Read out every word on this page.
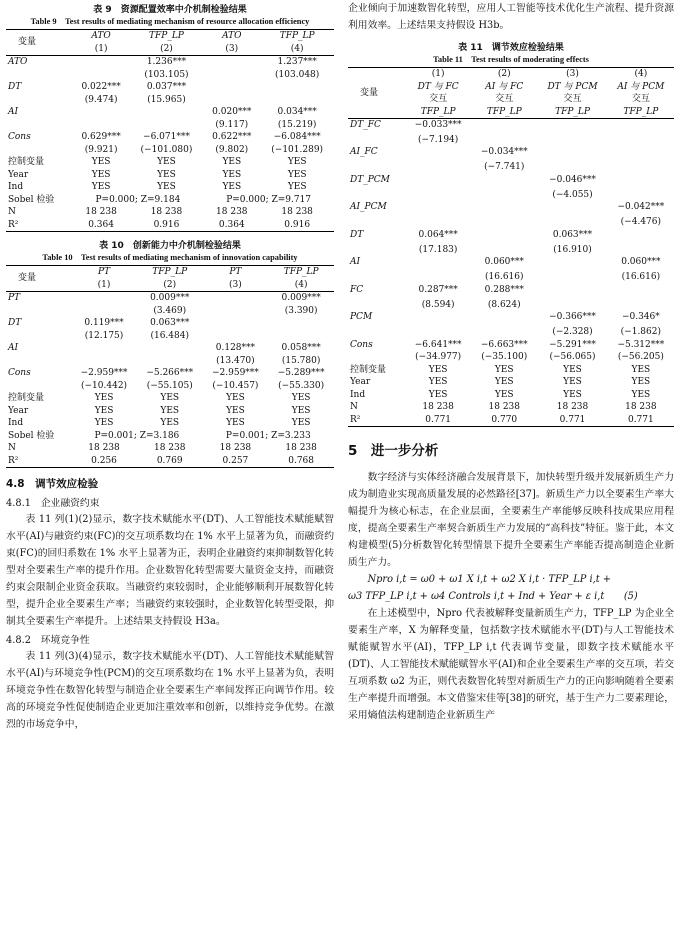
表 9　资源配置效率中介机制检验结果
Table 9　Test results of mediating mechanism of resource allocation efficiency
变量	ATO	TFP_LP	ATO	TFP_LP
	(1)	(2)	(3)	(4)
ATO		1.236***		1.237***
		(103.105)		(103.048)
DT	0.022***	0.037***		
	(9.474)	(15.965)		
AI			0.020***	0.034***
			(9.117)	(15.219)
Cons	0.629***	−6.071***	0.622***	−6.084***
	(9.921)	(−101.080)	(9.802)	(−101.289)
控制变量	YES	YES	YES	YES
Year	YES	YES	YES	YES
Ind	YES	YES	YES	YES
Sobel 检验	P=0.000; Z=9.184		P=0.000; Z=9.717	
N	18 238	18 238	18 238	18 238
R²	0.364	0.916	0.364	0.916
表 10　创新能力中介机制检验结果
Table 10　Test results of mediating mechanism of innovation capability
变量	PT	TFP_LP	PT	TFP_LP
	(1)	(2)	(3)	(4)
PT		0.009***		0.009***
		(3.469)		(3.390)
DT	0.119***	0.063***		
	(12.175)	(16.484)		
AI			0.128***	0.058***
			(13.470)	(15.780)
Cons	−2.959***	−5.266***	−2.959***	−5.289***
	(−10.442)	(−55.105)	(−10.457)	(−55.330)
控制变量	YES	YES	YES	YES
Year	YES	YES	YES	YES
Ind	YES	YES	YES	YES
Sobel 检验	P=0.001; Z=3.186		P=0.001; Z=3.233	
N	18 238	18 238	18 238	18 238
R²	0.256	0.769	0.257	0.768
4.8　调节效应检验
4.8.1　企业融资约束

表 11 列(1)(2)显示，数字技术赋能水平(DT)、人工智能技术赋能赋智水平(AI)与融资约束(FC)的交互项系数均在 1% 水平上显著为负，而融资约束(FC)的回归系数在 1% 水平上显著为正，表明企业融资约束抑制数智化转型对全要素生产率的提升作用。企业数智化转型需要大量资金支持，而融资约束会限制企业资金获取。当融资约束较弱时，企业能够顺利开展数智化转型，提升企业全要素生产率；当融资约束较强时，企业数智化转型受限，抑制其全要素生产率提升。上述结果支持假设 H3a。

4.8.2　环境竞争性

表 11 列(3)(4)显示，数字技术赋能水平(DT)、人工智能技术赋能赋智水平(AI)与环境竞争性(PCM)的交互项系数均在 1% 水平上显著为负，表明环境竞争性在数智化转型与制造企业全要素生产率间发挥正向调节作用。较高的环境竞争性促使制造企业更加注重效率和创新，以维持竞争优势。在激烈的市场竞争中，

企业倾向于加速数智化转型，应用人工智能等技术优化生产流程、提升资源利用效率。上述结果支持假设 H3b。

表 11　调节效应检验结果
Table 11　Test results of moderating effects
变量	(1)	(2)	(3)	(4)
	DT 与 FC	AI 与 FC	DT 与 PCM	AI 与 PCM
	交互	交互	交互	交互
	TFP_LP	TFP_LP	TFP_LP	TFP_LP
DT_FC	−0.033***			
	(−7.194)			
AI_FC		−0.034***		
		(−7.741)		
DT_PCM			−0.046***	
			(−4.055)	
AI_PCM				−0.042***
				(−4.476)
DT	0.064***		0.063***	
	(17.183)		(16.910)	
AI		0.060***		0.060***
		(16.616)		(16.616)
FC	0.287***	0.288***		
	(8.594)	(8.624)		
PCM			−0.366***	−0.346*
			(−2.328)	(−1.862)
Cons	−6.641***	−6.663***	−5.291***	−5.312***
	(−34.977)	(−35.100)	(−56.065)	(−56.205)
控制变量	YES	YES	YES	YES
Year	YES	YES	YES	YES
Ind	YES	YES	YES	YES
N	18 238	18 238	18 238	18 238
R²	0.771	0.770	0.771	0.771
5　进一步分析

数字经济与实体经济融合发展背景下，加快转型升级并发展新质生产力成为制造业实现高质量发展的必然路径[37]。新质生产力以全要素生产率大幅提升为核心标志，在企业层面，全要素生产率能够反映科技成果应用程度，提高全要素生产率契合新质生产力发展的“高科技”特征。鉴于此，本文构建模型(5)分析数智化转型情景下提升全要素生产率能否提高制造企业新质生产力。

Npro i,t = ω0 + ω1 X i,t + ω2 X i,t · TFP_LP i,t +

ω3 TFP_LP i,t + ω4 Controls i,t + Ind + Year + ε i,t　　(5)

在上述模型中，Npro 代表被解释变量新质生产力，TFP_LP 为企业全要素生产率，X 为解释变量，包括数字技术赋能水平(DT)与人工智能技术赋能赋智水平(AI)，TFP_LP i,t 代表调节变量，即数字技术赋能水平(DT)、人工智能技术赋能赋智水平(AI)和企业全要素生产率的交互项，若交互项系数 ω2 为正，则代表数智化转型对新质生产力的正向影响随着全要素生产率提升而增强。本文借鉴宋佳等[38]的研究，基于生产力二要素理论，采用熵值法构建制造企业新质生产
